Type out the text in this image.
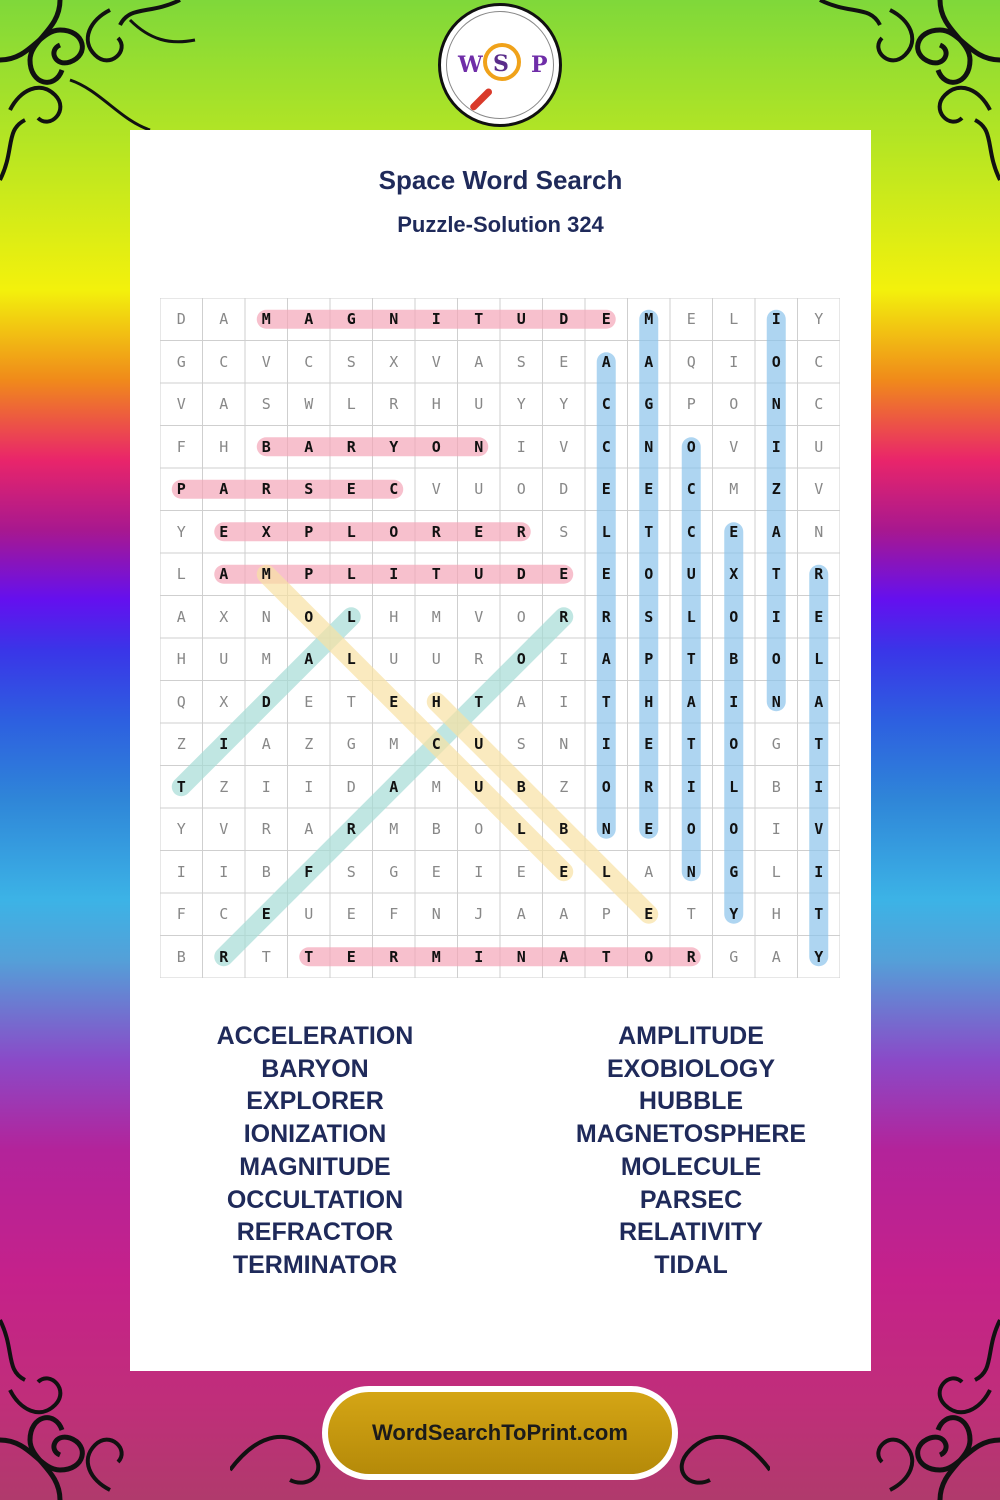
W S P
Space Word Search
Puzzle-Solution 324
D	A	M	A	G	N	I	T	U	D	E	M	E	L	I	Y
G	C	V	C	S	X	V	A	S	E	A	A	Q	I	O	C
V	A	S	W	L	R	H	U	Y	Y	C	G	P	O	N	C
F	H	B	A	R	Y	O	N	I	V	C	N	O	V	I	U
P	A	R	S	E	C	V	U	O	D	E	E	C	M	Z	V
Y	E	X	P	L	O	R	E	R	S	L	T	C	E	A	N
L	A	M	P	L	I	T	U	D	E	E	O	U	X	T	R
A	X	N	O	L	H	M	V	O	R	R	S	L	O	I	E
H	U	M	A	L	U	U	R	O	I	A	P	T	B	O	L
Q	X	D	E	T	E	H	T	A	I	T	H	A	I	N	A
Z	I	A	Z	G	M	C	U	S	N	I	E	T	O	G	T
T	Z	I	I	D	A	M	U	B	Z	O	R	I	L	B	I
Y	V	R	A	R	M	B	O	L	B	N	E	O	O	I	V
I	I	B	F	S	G	E	I	E	E	L	A	N	G	L	I
F	C	E	U	E	F	N	J	A	A	P	E	T	Y	H	T
B	R	T	T	E	R	M	I	N	A	T	O	R	G	A	Y
ACCELERATION
BARYON
EXPLORER
IONIZATION
MAGNITUDE
OCCULTATION
REFRACTOR
TERMINATOR
AMPLITUDE
EXOBIOLOGY
HUBBLE
MAGNETOSPHERE
MOLECULE
PARSEC
RELATIVITY
TIDAL
WordSearchToPrint.com
